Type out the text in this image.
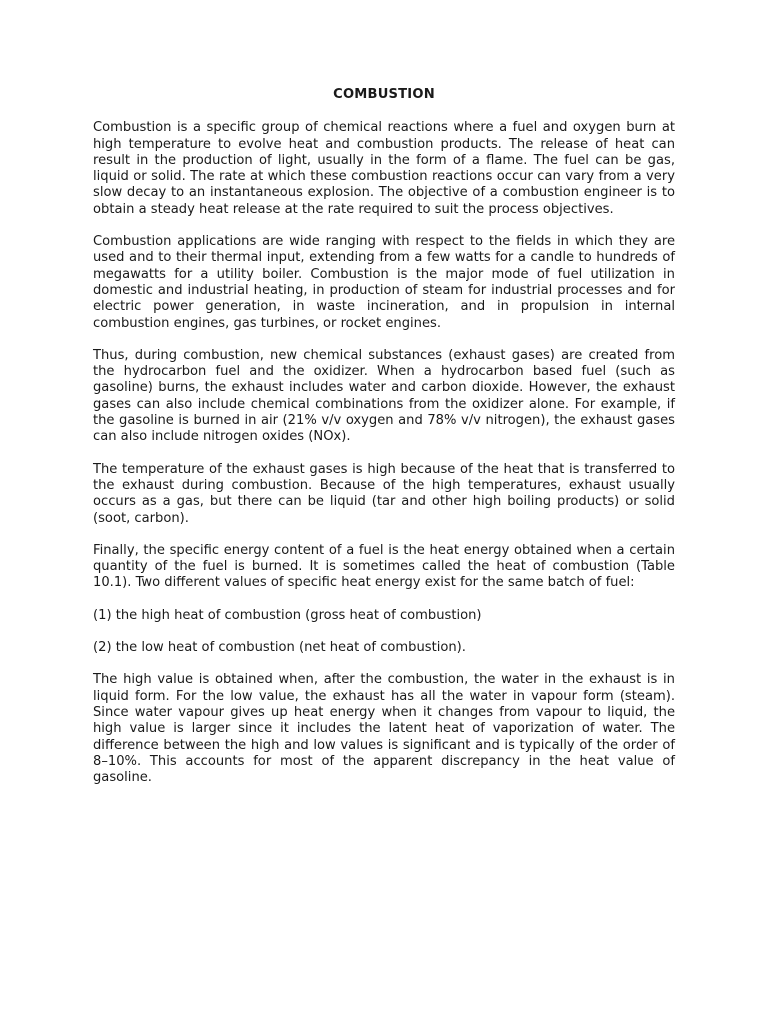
COMBUSTION

Combustion is a specific group of chemical reactions where a fuel and oxygen burn at high temperature to evolve heat and combustion products. The release of heat can result in the production of light, usually in the form of a flame. The fuel can be gas, liquid or solid. The rate at which these combustion reactions occur can vary from a very slow decay to an instantaneous explosion. The objective of a combustion engineer is to obtain a steady heat release at the rate required to suit the process objectives.

Combustion applications are wide ranging with respect to the fields in which they are used and to their thermal input, extending from a few watts for a candle to hundreds of megawatts for a utility boiler. Combustion is the major mode of fuel utilization in domestic and industrial heating, in production of steam for industrial processes and for electric power generation, in waste incineration, and in propulsion in internal combustion engines, gas turbines, or rocket engines.

Thus, during combustion, new chemical substances (exhaust gases) are created from the hydrocarbon fuel and the oxidizer. When a hydrocarbon based fuel (such as gasoline) burns, the exhaust includes water and carbon dioxide. However, the exhaust gases can also include chemical combinations from the oxidizer alone. For example, if the gasoline is burned in air (21% v/v oxygen and 78% v/v nitrogen), the exhaust gases can also include nitrogen oxides (NOx).

The temperature of the exhaust gases is high because of the heat that is transferred to the exhaust during combustion. Because of the high temperatures, exhaust usually occurs as a gas, but there can be liquid (tar and other high boiling products) or solid (soot, carbon).

Finally, the specific energy content of a fuel is the heat energy obtained when a certain quantity of the fuel is burned. It is sometimes called the heat of combustion (Table 10.1). Two different values of specific heat energy exist for the same batch of fuel:

(1) the high heat of combustion (gross heat of combustion)

(2) the low heat of combustion (net heat of combustion).

The high value is obtained when, after the combustion, the water in the exhaust is in liquid form. For the low value, the exhaust has all the water in vapour form (steam). Since water vapour gives up heat energy when it changes from vapour to liquid, the high value is larger since it includes the latent heat of vaporization of water. The difference between the high and low values is significant and is typically of the order of 8–10%. This accounts for most of the apparent discrepancy in the heat value of gasoline.
